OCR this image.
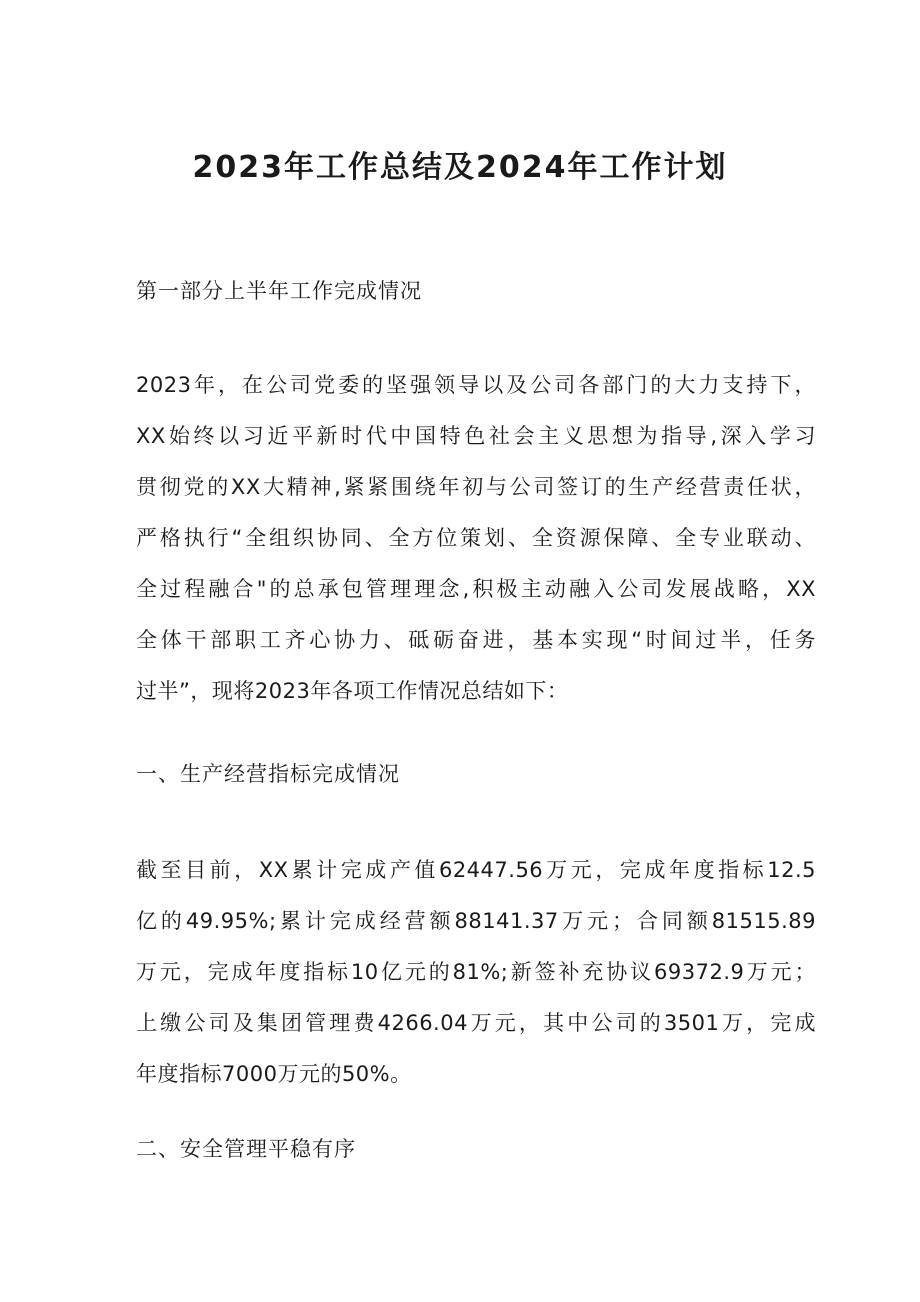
2023年工作总结及2024年工作计划
第一部分上半年工作完成情况
2023年，在公司党委的坚强领导以及公司各部门的大力支持下，
XX始终以习近平新时代中国特色社会主义思想为指导,深入学习
贯彻党的XX大精神,紧紧围绕年初与公司签订的生产经营责任状，
严格执行“全组织协同、全方位策划、全资源保障、全专业联动、
全过程融合"的总承包管理理念,积极主动融入公司发展战略，XX
全体干部职工齐心协力、砥砺奋进，基本实现“时间过半，任务
过半”，现将2023年各项工作情况总结如下：
一、生产经营指标完成情况
截至目前，XX累计完成产值62447.56万元，完成年度指标12.5
亿的49.95%;累计完成经营额88141.37万元；合同额81515.89
万元，完成年度指标10亿元的81%;新签补充协议69372.9万元；
上缴公司及集团管理费4266.04万元，其中公司的3501万，完成
年度指标7000万元的50%。
二、安全管理平稳有序
